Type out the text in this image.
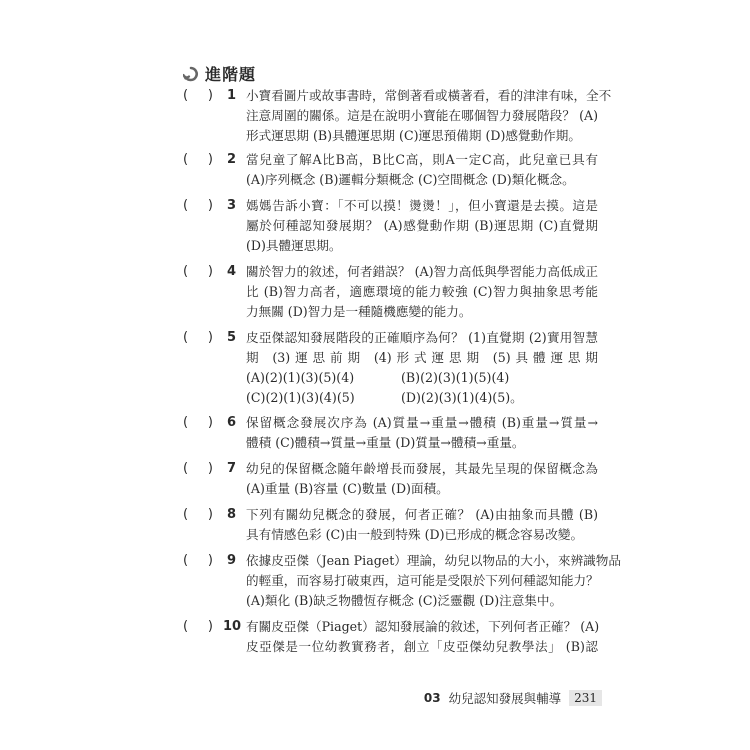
進階題
( ) 1 小寶看圖片或故事書時，常倒著看或橫著看，看的津津有味，全不
注意周圍的關係。這是在說明小寶能在哪個智力發展階段？ (A)
形式運思期 (B)具體運思期 (C)運思預備期 (D)感覺動作期。
( ) 2 當兒童了解A比B高，B比C高，則A一定C高，此兒童已具有
(A)序列概念 (B)邏輯分類概念 (C)空間概念 (D)類化概念。
( ) 3 媽媽告訴小寶：「不可以摸！燙燙！」，但小寶還是去摸。這是
屬於何種認知發展期？ (A)感覺動作期 (B)運思期 (C)直覺期
(D)具體運思期。
( ) 4 關於智力的敘述，何者錯誤？ (A)智力高低與學習能力高低成正
比 (B)智力高者，適應環境的能力較強 (C)智力與抽象思考能
力無關 (D)智力是一種隨機應變的能力。
( ) 5 皮亞傑認知發展階段的正確順序為何？ (1)直覺期 (2)實用智慧
期 (3)運思前期 (4)形式運思期 (5)具體運思期
(A)(2)(1)(3)(5)(4)	(B)(2)(3)(1)(5)(4)
(C)(2)(1)(3)(4)(5)	(D)(2)(3)(1)(4)(5)。
( ) 6 保留概念發展次序為 (A)質量→重量→體積 (B)重量→質量→
體積 (C)體積→質量→重量 (D)質量→體積→重量。
( ) 7 幼兒的保留概念隨年齡增長而發展，其最先呈現的保留概念為
(A)重量 (B)容量 (C)數量 (D)面積。
( ) 8 下列有關幼兒概念的發展，何者正確？ (A)由抽象而具體 (B)
具有情感色彩 (C)由一般到特殊 (D)已形成的概念容易改變。
( ) 9 依據皮亞傑（Jean Piaget）理論，幼兒以物品的大小，來辨識物品
的輕重，而容易打破東西，這可能是受限於下列何種認知能力？
(A)類化 (B)缺乏物體恆存概念 (C)泛靈觀 (D)注意集中。
( ) 10 有關皮亞傑（Piaget）認知發展論的敘述，下列何者正確？ (A)
皮亞傑是一位幼教實務者，創立「皮亞傑幼兒教學法」 (B)認
03 幼兒認知發展與輔導	231
